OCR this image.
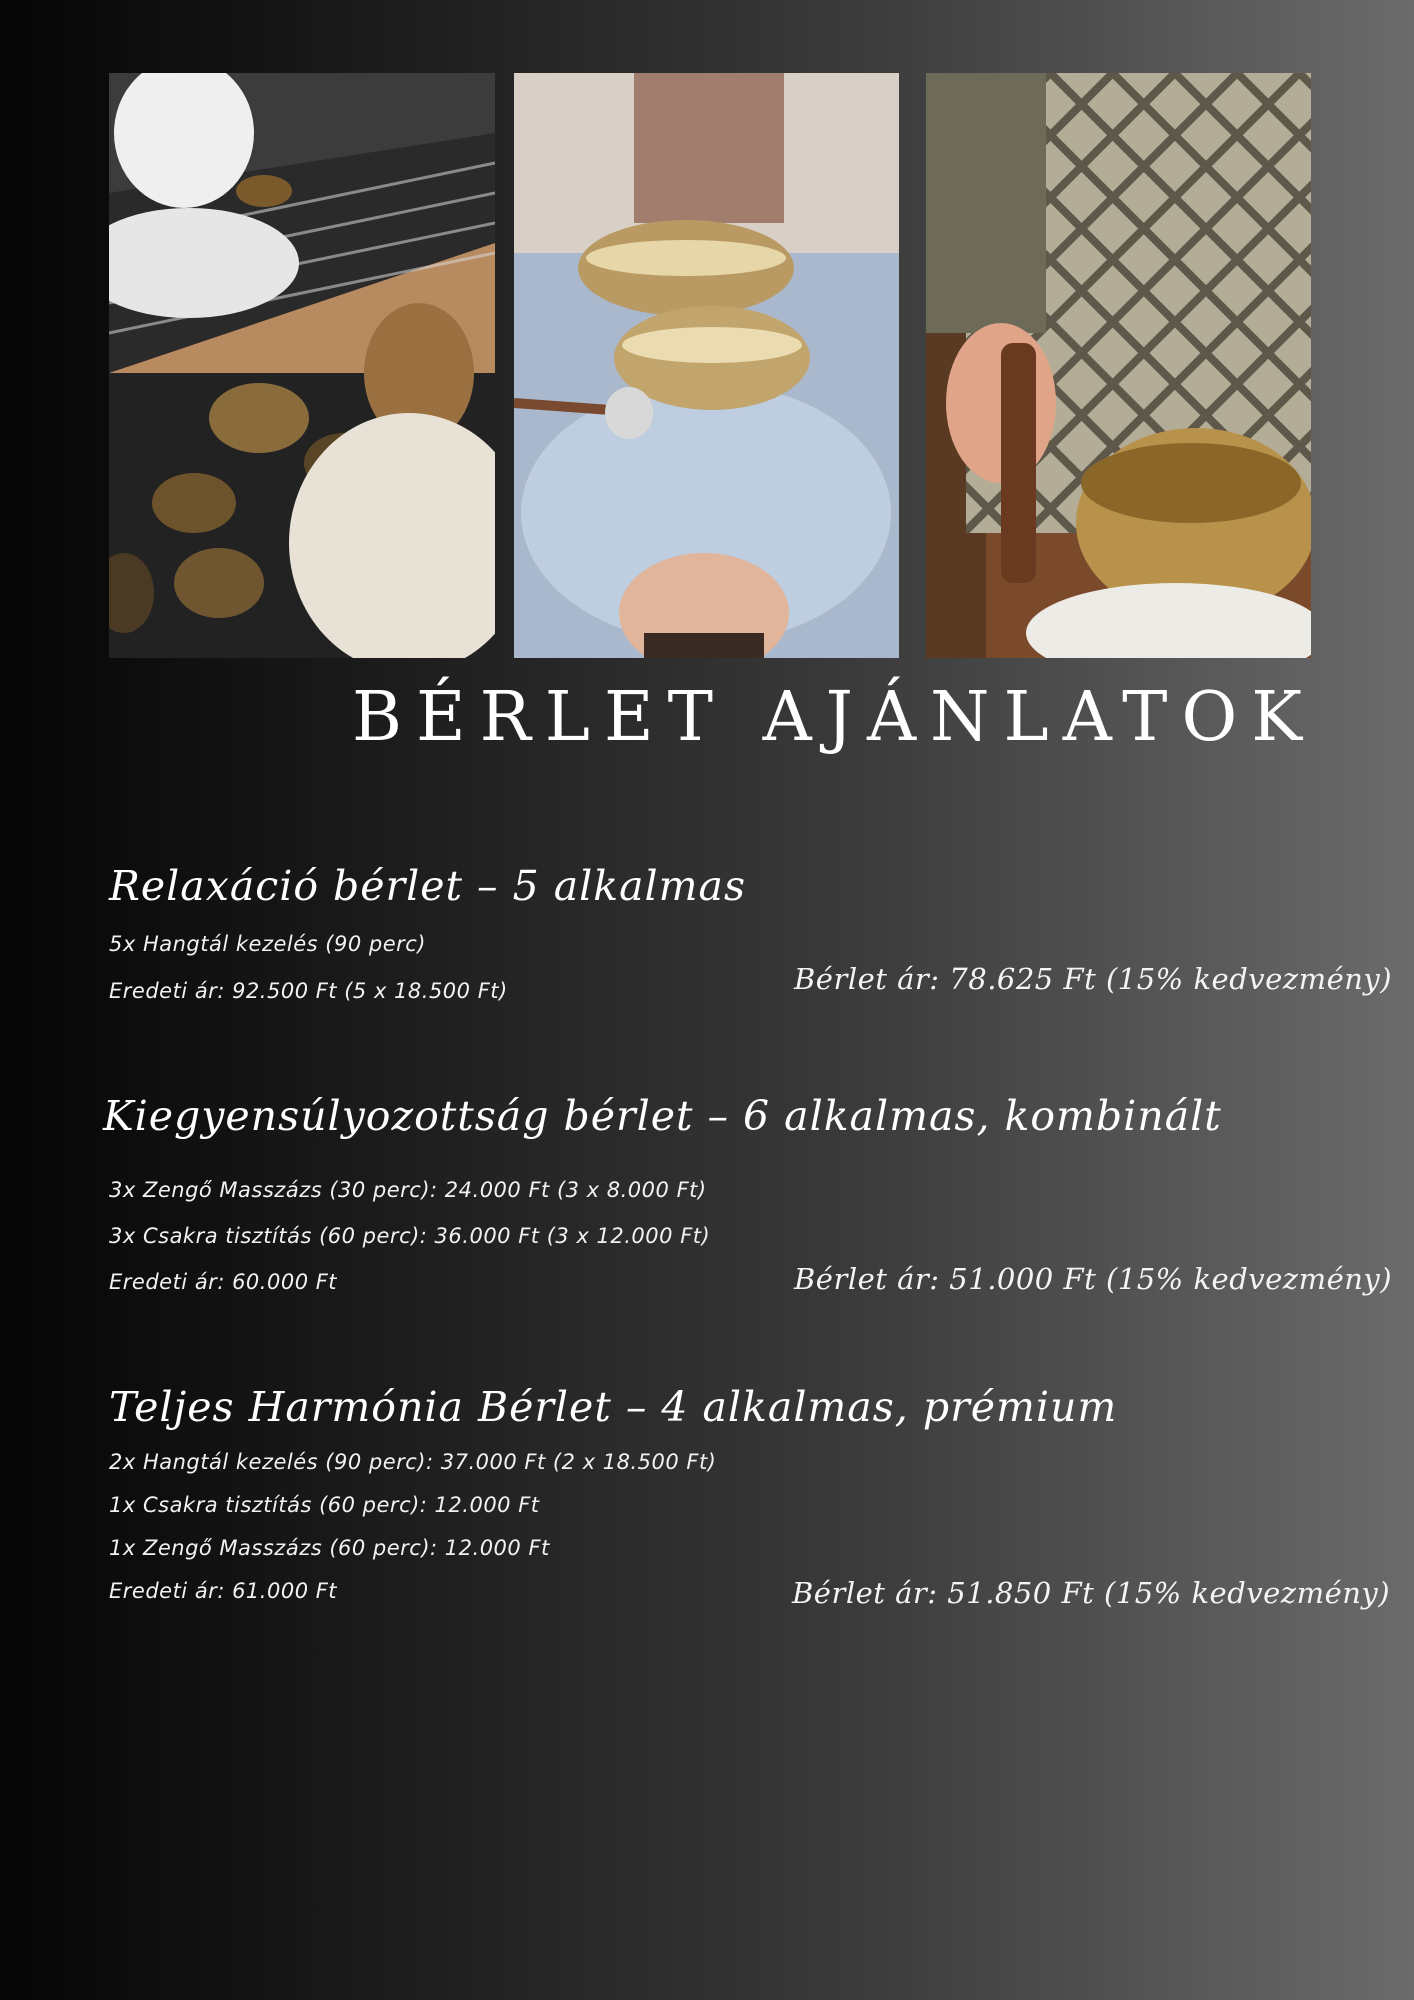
BÉRLET AJÁNLATOK
Relaxáció bérlet – 5 alkalmas
5x Hangtál kezelés (90 perc)
Eredeti ár: 92.500 Ft (5 x 18.500 Ft)	Bérlet ár: 78.625 Ft (15% kedvezmény)
Kiegyensúlyozottság bérlet – 6 alkalmas, kombinált
3x Zengő Masszázs (30 perc): 24.000 Ft (3 x 8.000 Ft)
3x Csakra tisztítás (60 perc): 36.000 Ft (3 x 12.000 Ft)
Eredeti ár: 60.000 Ft	Bérlet ár: 51.000 Ft (15% kedvezmény)
Teljes Harmónia Bérlet – 4 alkalmas, prémium
2x Hangtál kezelés (90 perc): 37.000 Ft (2 x 18.500 Ft)
1x Csakra tisztítás (60 perc): 12.000 Ft
1x Zengő Masszázs (60 perc): 12.000 Ft
Eredeti ár: 61.000 Ft	Bérlet ár: 51.850 Ft (15% kedvezmény)
